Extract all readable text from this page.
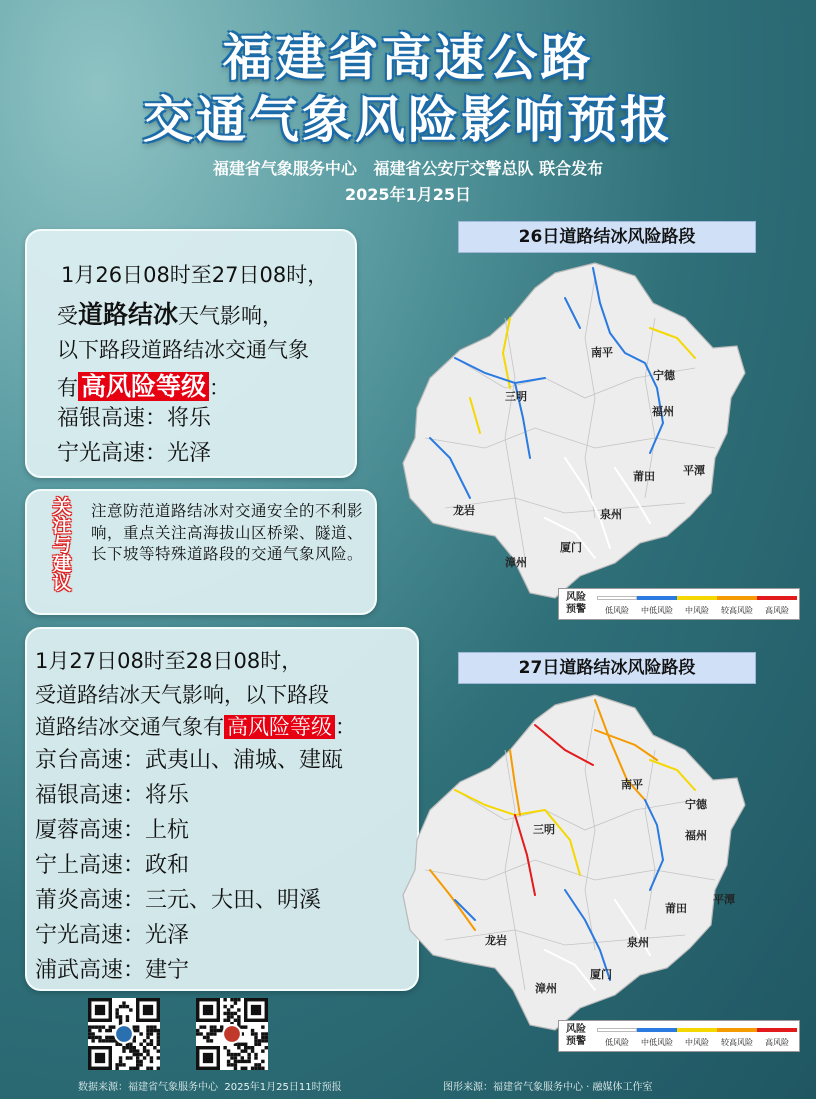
福建省高速公路
交通气象风险影响预报
福建省气象服务中心   福建省公安厅交警总队 联合发布
2025年1月25日
1月26日08时至27日08时，
受道路结冰天气影响，
以下路段道路结冰交通气象
有 高风险等级 ：
福银高速：将乐
宁光高速：光泽
关
注
与
建
议
注意防范道路结冰对交通安全的不利影响，重点关注高海拔山区桥梁、隧道、长下坡等特殊道路段的交通气象风险。
1月27日08时至28日08时，
受道路结冰天气影响，以下路段
道路结冰交通气象有 高风险等级 ：
京台高速：武夷山、浦城、建瓯
福银高速：将乐
厦蓉高速：上杭
宁上高速：政和
莆炎高速：三元、大田、明溪
宁光高速：光泽
浦武高速：建宁
26日道路结冰风险路段
27日道路结冰风险路段
南平
宁德
三明
福州
莆田	平潭
龙岩	泉州
厦门
漳州
南平
宁德
三明	福州
莆田
平潭
龙岩	泉州
厦门
漳州
风险
预警	低风险	中低风险	中风险	较高风险	高风险
风险
预警	低风险	中低风险	中风险	较高风险	高风险
数据来源：福建省气象服务中心  2025年1月25日11时预报	图形来源：福建省气象服务中心 · 融媒体工作室
